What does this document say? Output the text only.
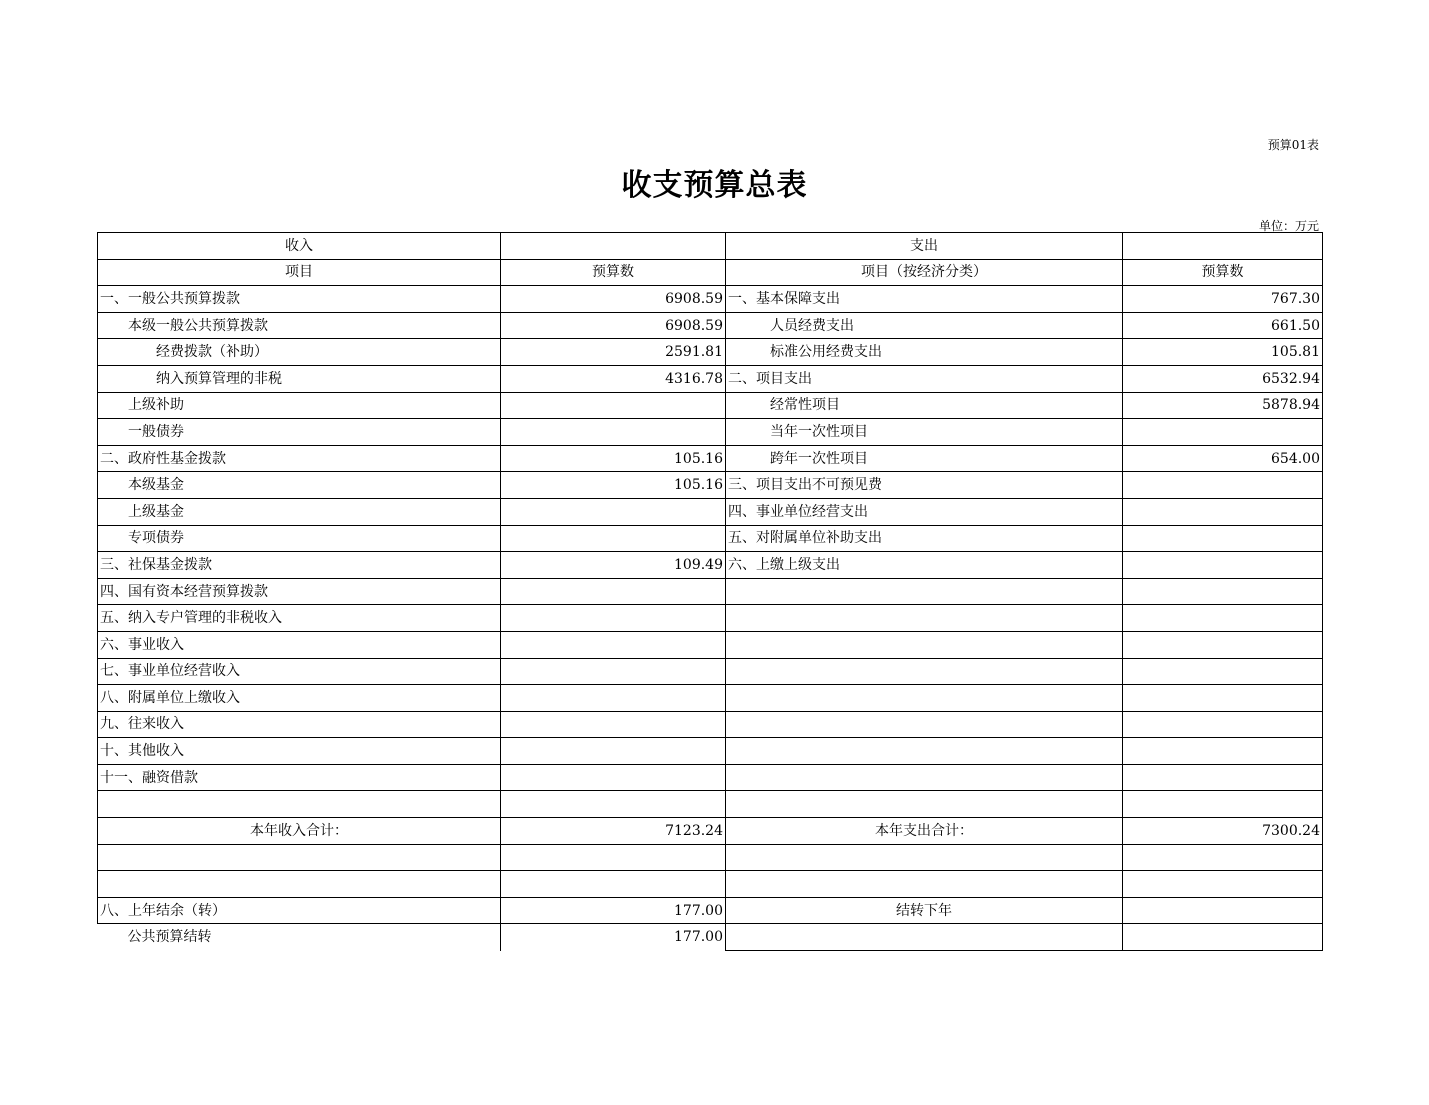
预算01表
收支预算总表
单位：万元
收入		支出	
项目	预算数	项目（按经济分类）	预算数
一、一般公共预算拨款	6908.59	一、基本保障支出	767.30
　　本级一般公共预算拨款	6908.59	　　　人员经费支出	661.50
　　　　经费拨款（补助）	2591.81	　　　标准公用经费支出	105.81
　　　　纳入预算管理的非税	4316.78	二、项目支出	6532.94
　　上级补助		　　　经常性项目	5878.94
　　一般债券		　　　当年一次性项目	
二、政府性基金拨款	105.16	　　　跨年一次性项目	654.00
　　本级基金	105.16	三、项目支出不可预见费	
　　上级基金		四、事业单位经营支出	
　　专项债券		五、对附属单位补助支出	
三、社保基金拨款	109.49	六、上缴上级支出	
四、国有资本经营预算拨款			
五、纳入专户管理的非税收入			
六、事业收入			
七、事业单位经营收入			
八、附属单位上缴收入			
九、往来收入			
十、其他收入			
十一、融资借款			

本年收入合计：	7123.24	本年支出合计：	7300.24

八、上年结余（转）	177.00	结转下年	
　　公共预算结转	177.00		
